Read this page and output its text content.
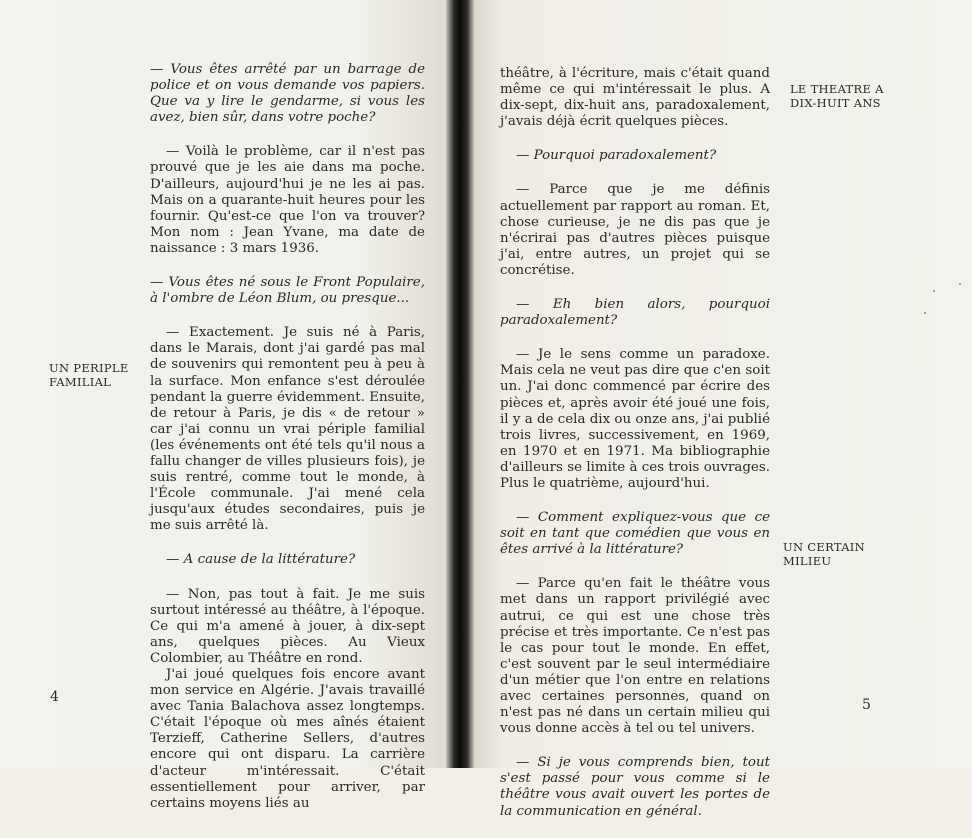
— Vous êtes arrêté par un barrage de police et on vous demande vos papiers. Que va y lire le gendarme, si vous les avez, bien sûr, dans votre poche?

— Voilà le problème, car il n'est pas prouvé que je les aie dans ma poche. D'ailleurs, aujourd'hui je ne les ai pas. Mais on a quarante-huit heures pour les fournir. Qu'est-ce que l'on va trouver? Mon nom : Jean Yvane, ma date de naissance : 3 mars 1936.

— Vous êtes né sous le Front Populaire, à l'ombre de Léon Blum, ou presque...

— Exactement. Je suis né à Paris, dans le Marais, dont j'ai gardé pas mal de souvenirs qui remontent peu à peu à la surface. Mon enfance s'est déroulée pendant la guerre évidemment. Ensuite, de retour à Paris, je dis « de retour » car j'ai connu un vrai périple familial (les événements ont été tels qu'il nous a fallu changer de villes plusieurs fois), je suis rentré, comme tout le monde, à l'École communale. J'ai mené cela jusqu'aux études secondaires, puis je me suis arrêté là.

— A cause de la littérature?

— Non, pas tout à fait. Je me suis surtout intéressé au théâtre, à l'époque. Ce qui m'a amené à jouer, à dix-sept ans, quelques pièces. Au Vieux Colombier, au Théâtre en rond.

J'ai joué quelques fois encore avant mon service en Algérie. J'avais travaillé avec Tania Balachova assez longtemps. C'était l'époque où mes aînés étaient Terzieff, Catherine Sellers, d'autres encore qui ont disparu. La carrière d'acteur m'intéressait. C'était essentiellement pour arriver, par certains moyens liés au

UN PERIPLE
FAMILIAL
4

théâtre, à l'écriture, mais c'était quand même ce qui m'intéressait le plus. A dix-sept, dix-huit ans, paradoxalement, j'avais déjà écrit quelques pièces.

— Pourquoi paradoxalement?

— Parce que je me définis actuellement par rapport au roman. Et, chose curieuse, je ne dis pas que je n'écrirai pas d'autres pièces puisque j'ai, entre autres, un projet qui se concrétise.

— Eh bien alors, pourquoi paradoxalement?

— Je le sens comme un paradoxe. Mais cela ne veut pas dire que c'en soit un. J'ai donc commencé par écrire des pièces et, après avoir été joué une fois, il y a de cela dix ou onze ans, j'ai publié trois livres, successivement, en 1969, en 1970 et en 1971. Ma bibliographie d'ailleurs se limite à ces trois ouvrages. Plus le quatrième, aujourd'hui.

— Comment expliquez-vous que ce soit en tant que comédien que vous en êtes arrivé à la littérature?

— Parce qu'en fait le théâtre vous met dans un rapport privilégié avec autrui, ce qui est une chose très précise et très importante. Ce n'est pas le cas pour tout le monde. En effet, c'est souvent par le seul intermédiaire d'un métier que l'on entre en relations avec certaines personnes, quand on n'est pas né dans un certain milieu qui vous donne accès à tel ou tel univers.

— Si je vous comprends bien, tout s'est passé pour vous comme si le théâtre vous avait ouvert les portes de la communication en général.

LE THEATRE A
DIX-HUIT ANS
UN CERTAIN
MILIEU
5
